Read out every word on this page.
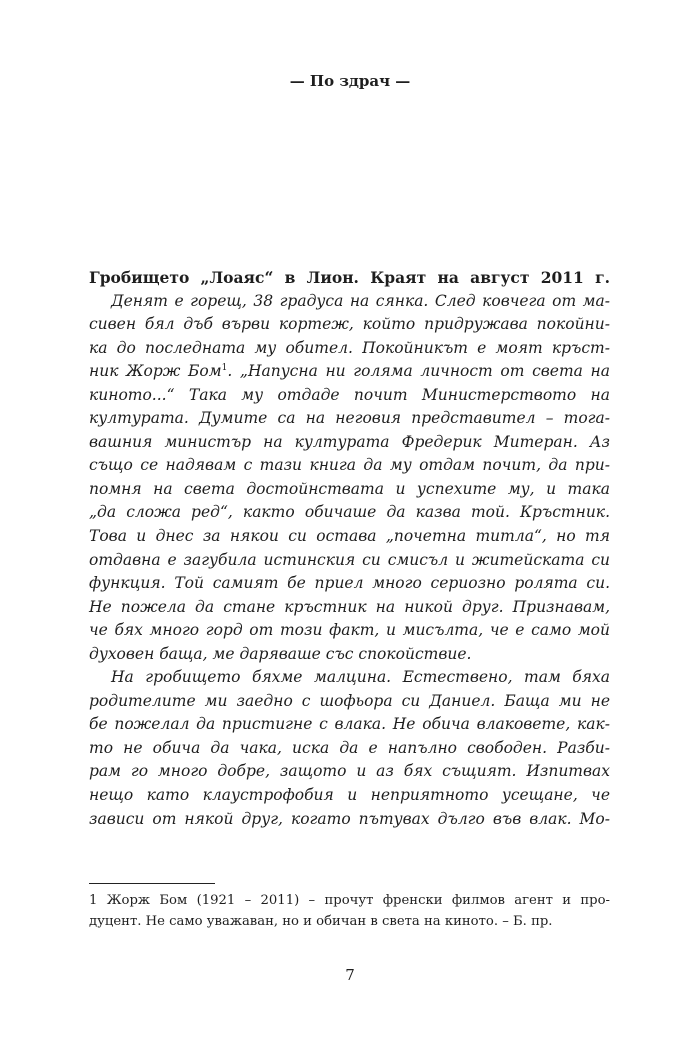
— По здрач —
Гробището „Лоаяс“ в Лион. Краят на август 2011 г.
Денят е горещ, 38 градуса на сянка. След ковчега от ма-
сивен бял дъб върви кортеж, който придружава покойни-
ка до последната му обител. Покойникът е моят кръст-
ник Жорж Бом$^1$. „Напусна ни голяма личност от света на
киното...“ Така му отдаде почит Министерството на
културата. Думите са на неговия представител – тога-
вашния министър на културата Фредерик Митеран. Аз
също се надявам с тази книга да му отдам почит, да при-
помня на света достойнствата и успехите му, и така
„да сложа ред“, както обичаше да казва той. Кръстник.
Това и днес за някои си остава „почетна титла“, но тя
отдавна е загубила истинския си смисъл и житейската си
функция. Той самият бе приел много сериозно ролята си.
Не пожела да стане кръстник на никой друг. Признавам,
че бях много горд от този факт, и мисълта, че е само мой
духовен баща, ме даряваше със спокойствие.
На гробището бяхме малцина. Естествено, там бяха
родителите ми заедно с шофьора си Даниел. Баща ми не
бе пожелал да пристигне с влака. Не обича влаковете, как-
то не обича да чака, иска да е напълно свободен. Разби-
рам го много добре, защото и аз бях същият. Изпитвах
нещо като клаустрофобия и неприятното усещане, че
зависи от някой друг, когато пътувах дълго във влак. Мо-
1 Жорж Бом (1921 – 2011) – прочут френски филмов агент и про-
дуцент. Не само уважаван, но и обичан в света на киното. – Б. пр.
7
